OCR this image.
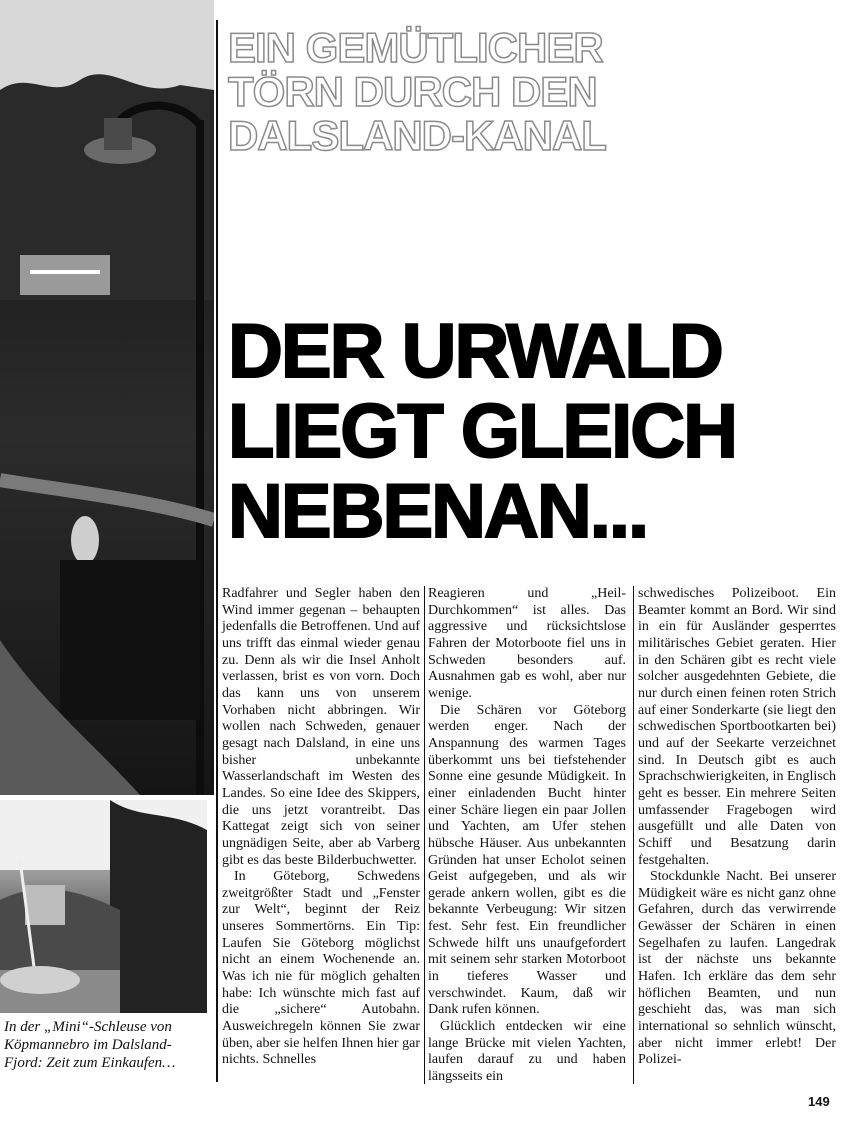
In der „Mini“-Schleuse von Köpmannebro im Dalsland-Fjord: Zeit zum Einkaufen…
EIN GEMÜTLICHER
TÖRN DURCH DEN
DALSLAND-KANAL
DER URWALD
LIEGT GLEICH
NEBENAN...

Radfahrer und Segler haben den Wind immer gegenan – behaupten jedenfalls die Betroffenen. Und auf uns trifft das einmal wieder genau zu. Denn als wir die Insel Anholt verlassen, brist es von vorn. Doch das kann uns von unserem Vorhaben nicht abbringen. Wir wollen nach Schweden, genauer gesagt nach Dalsland, in eine uns bisher unbekannte Wasserlandschaft im Westen des Landes. So eine Idee des Skippers, die uns jetzt vorantreibt. Das Kattegat zeigt sich von seiner ungnädigen Seite, aber ab Varberg gibt es das beste Bilderbuchwetter.

In Göteborg, Schwedens zweitgrößter Stadt und „Fenster zur Welt“, beginnt der Reiz unseres Sommertörns. Ein Tip: Laufen Sie Göteborg möglichst nicht an einem Wochenende an. Was ich nie für möglich gehalten habe: Ich wünschte mich fast auf die „sichere“ Autobahn. Ausweichregeln können Sie zwar üben, aber sie helfen Ihnen hier gar nichts. Schnelles

Reagieren und „Heil-Durchkommen“ ist alles. Das aggressive und rücksichtslose Fahren der Motorboote fiel uns in Schweden besonders auf. Ausnahmen gab es wohl, aber nur wenige.

Die Schären vor Göteborg werden enger. Nach der Anspannung des warmen Tages überkommt uns bei tiefstehender Sonne eine gesunde Müdigkeit. In einer einladenden Bucht hinter einer Schäre liegen ein paar Jollen und Yachten, am Ufer stehen hübsche Häuser. Aus unbekannten Gründen hat unser Echolot seinen Geist aufgegeben, und als wir gerade ankern wollen, gibt es die bekannte Verbeugung: Wir sitzen fest. Sehr fest. Ein freundlicher Schwede hilft uns unaufgefordert mit seinem sehr starken Motorboot in tieferes Wasser und verschwindet. Kaum, daß wir Dank rufen können.

Glücklich entdecken wir eine lange Brücke mit vielen Yachten, laufen darauf zu und haben längsseits ein

schwedisches Polizeiboot. Ein Beamter kommt an Bord. Wir sind in ein für Ausländer gesperrtes militärisches Gebiet geraten. Hier in den Schären gibt es recht viele solcher ausgedehnten Gebiete, die nur durch einen feinen roten Strich auf einer Sonderkarte (sie liegt den schwedischen Sportbootkarten bei) und auf der Seekarte verzeichnet sind. In Deutsch gibt es auch Sprachschwierigkeiten, in Englisch geht es besser. Ein mehrere Seiten umfassender Fragebogen wird ausgefüllt und alle Daten von Schiff und Besatzung darin festgehalten.

Stockdunkle Nacht. Bei unserer Müdigkeit wäre es nicht ganz ohne Gefahren, durch das verwirrende Gewässer der Schären in einen Segelhafen zu laufen. Langedrak ist der nächste uns bekannte Hafen. Ich erkläre das dem sehr höflichen Beamten, und nun geschieht das, was man sich international so sehnlich wünscht, aber nicht immer erlebt! Der Polizei-

149
